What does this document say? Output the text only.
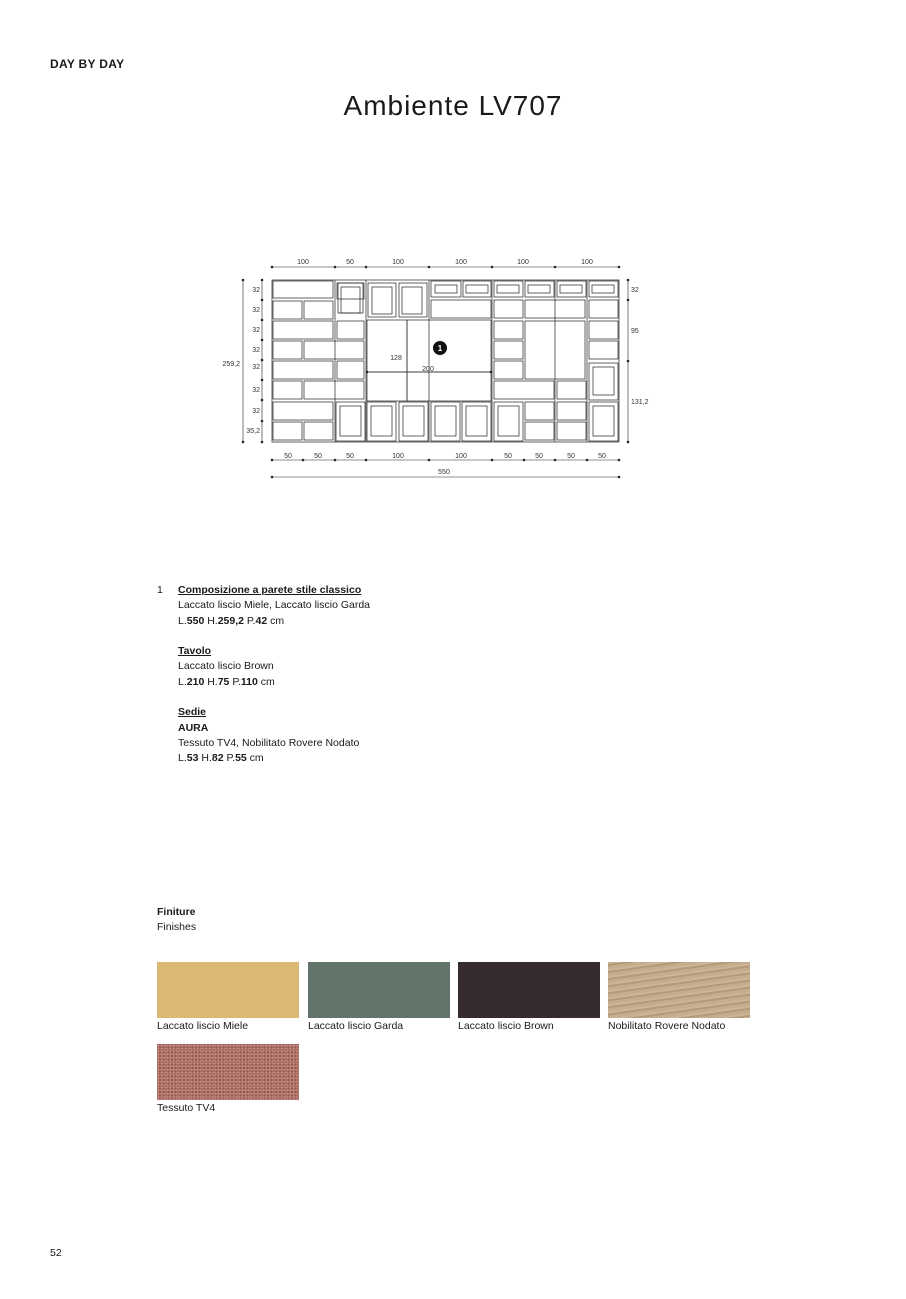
DAY BY DAY
Ambiente LV707
100	50	100	100	100	100
50	50	50	100	100	50	50	50	50
550
32
32
32
32
32
32
32
35,2
259,2
32
95
131,2
128
200
1
1 Composizione a parete stile classico
Laccato liscio Miele, Laccato liscio Garda
L.550 H.259,2 P.42 cm
Tavolo
Laccato liscio Brown
L.210 H.75 P.110 cm
Sedie
AURA
Tessuto TV4, Nobilitato Rovere Nodato
L.53 H.82 P.55 cm
Finiture
Finishes
Laccato liscio Miele	Laccato liscio Garda	Laccato liscio Brown	Nobilitato Rovere Nodato
Tessuto TV4
52
